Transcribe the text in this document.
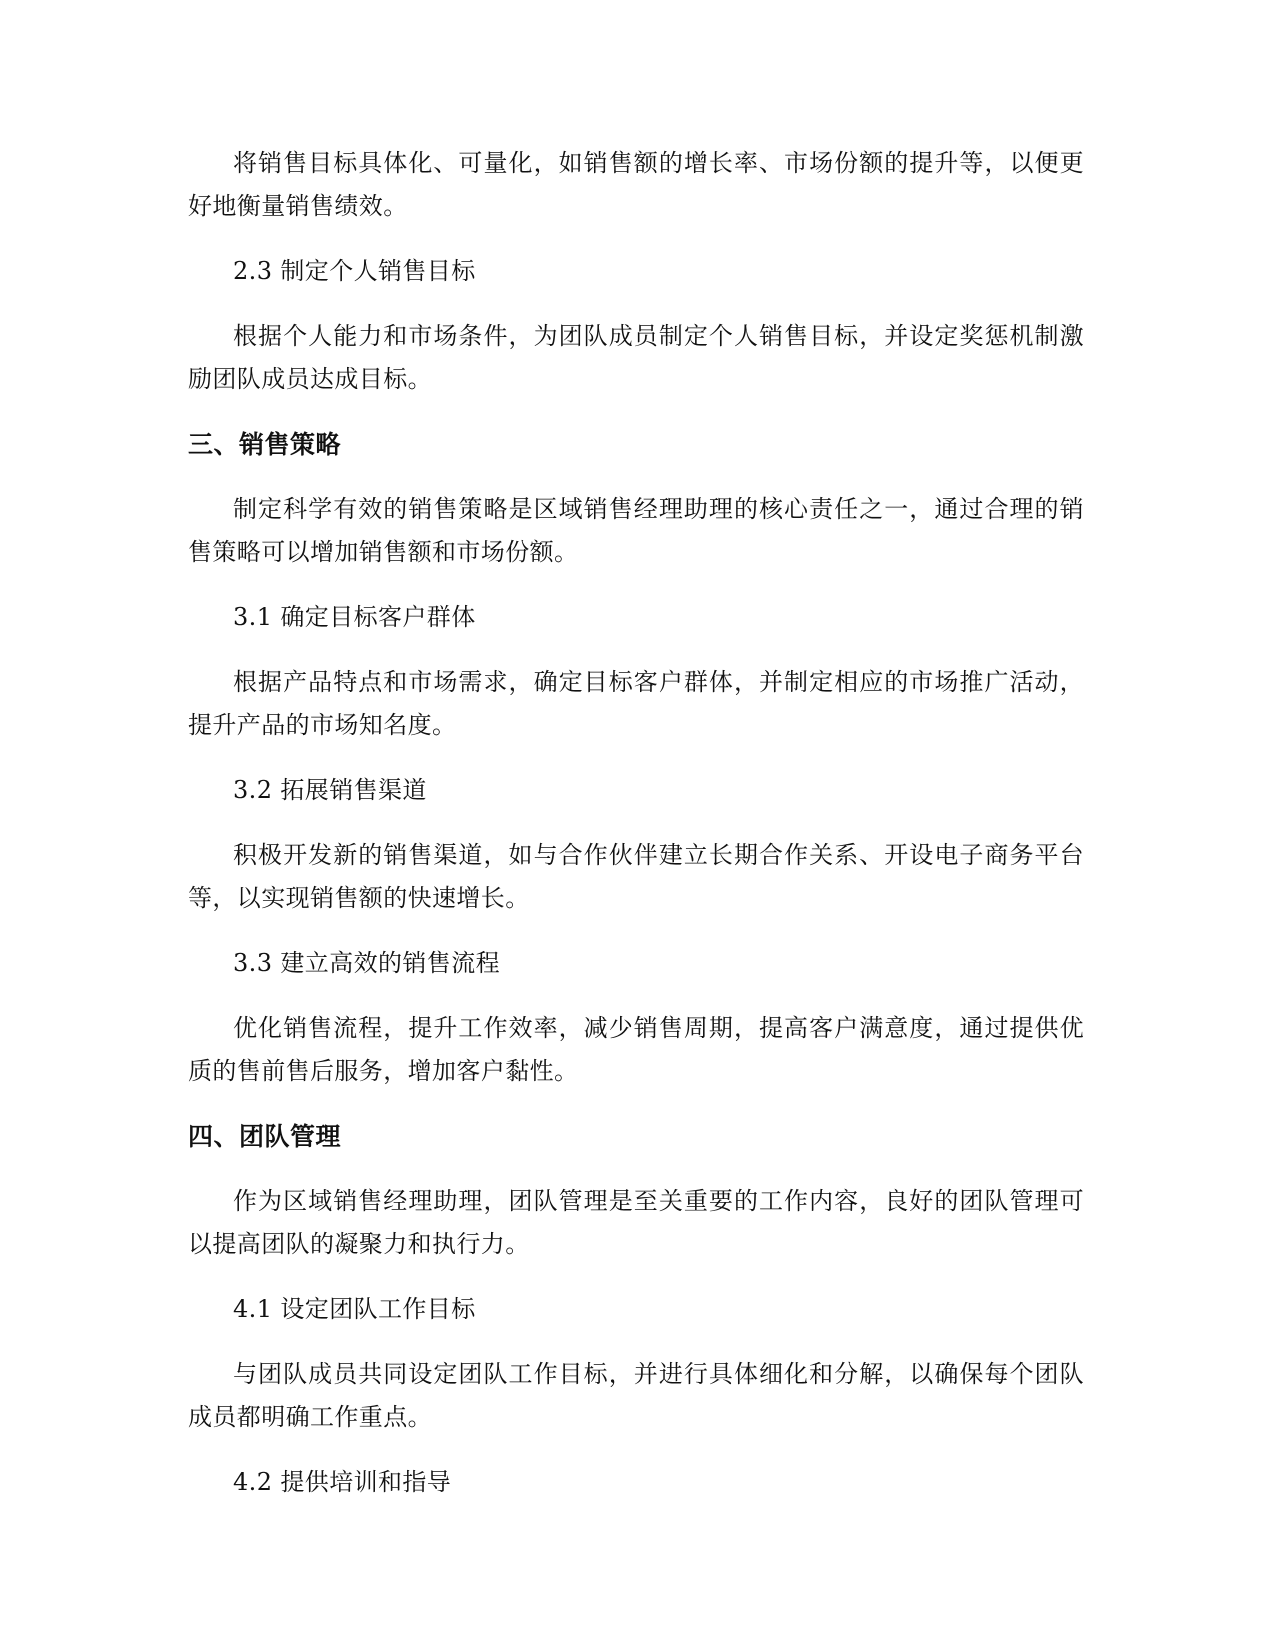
将销售目标具体化、可量化，如销售额的增长率、市场份额的提升等，以便更好地衡量销售绩效。

2.3 制定个人销售目标

根据个人能力和市场条件，为团队成员制定个人销售目标，并设定奖惩机制激励团队成员达成目标。

三、销售策略

制定科学有效的销售策略是区域销售经理助理的核心责任之一，通过合理的销售策略可以增加销售额和市场份额。

3.1 确定目标客户群体

根据产品特点和市场需求，确定目标客户群体，并制定相应的市场推广活动，提升产品的市场知名度。

3.2 拓展销售渠道

积极开发新的销售渠道，如与合作伙伴建立长期合作关系、开设电子商务平台等，以实现销售额的快速增长。

3.3 建立高效的销售流程

优化销售流程，提升工作效率，减少销售周期，提高客户满意度，通过提供优质的售前售后服务，增加客户黏性。

四、团队管理

作为区域销售经理助理，团队管理是至关重要的工作内容，良好的团队管理可以提高团队的凝聚力和执行力。

4.1 设定团队工作目标

与团队成员共同设定团队工作目标，并进行具体细化和分解，以确保每个团队成员都明确工作重点。

4.2 提供培训和指导
